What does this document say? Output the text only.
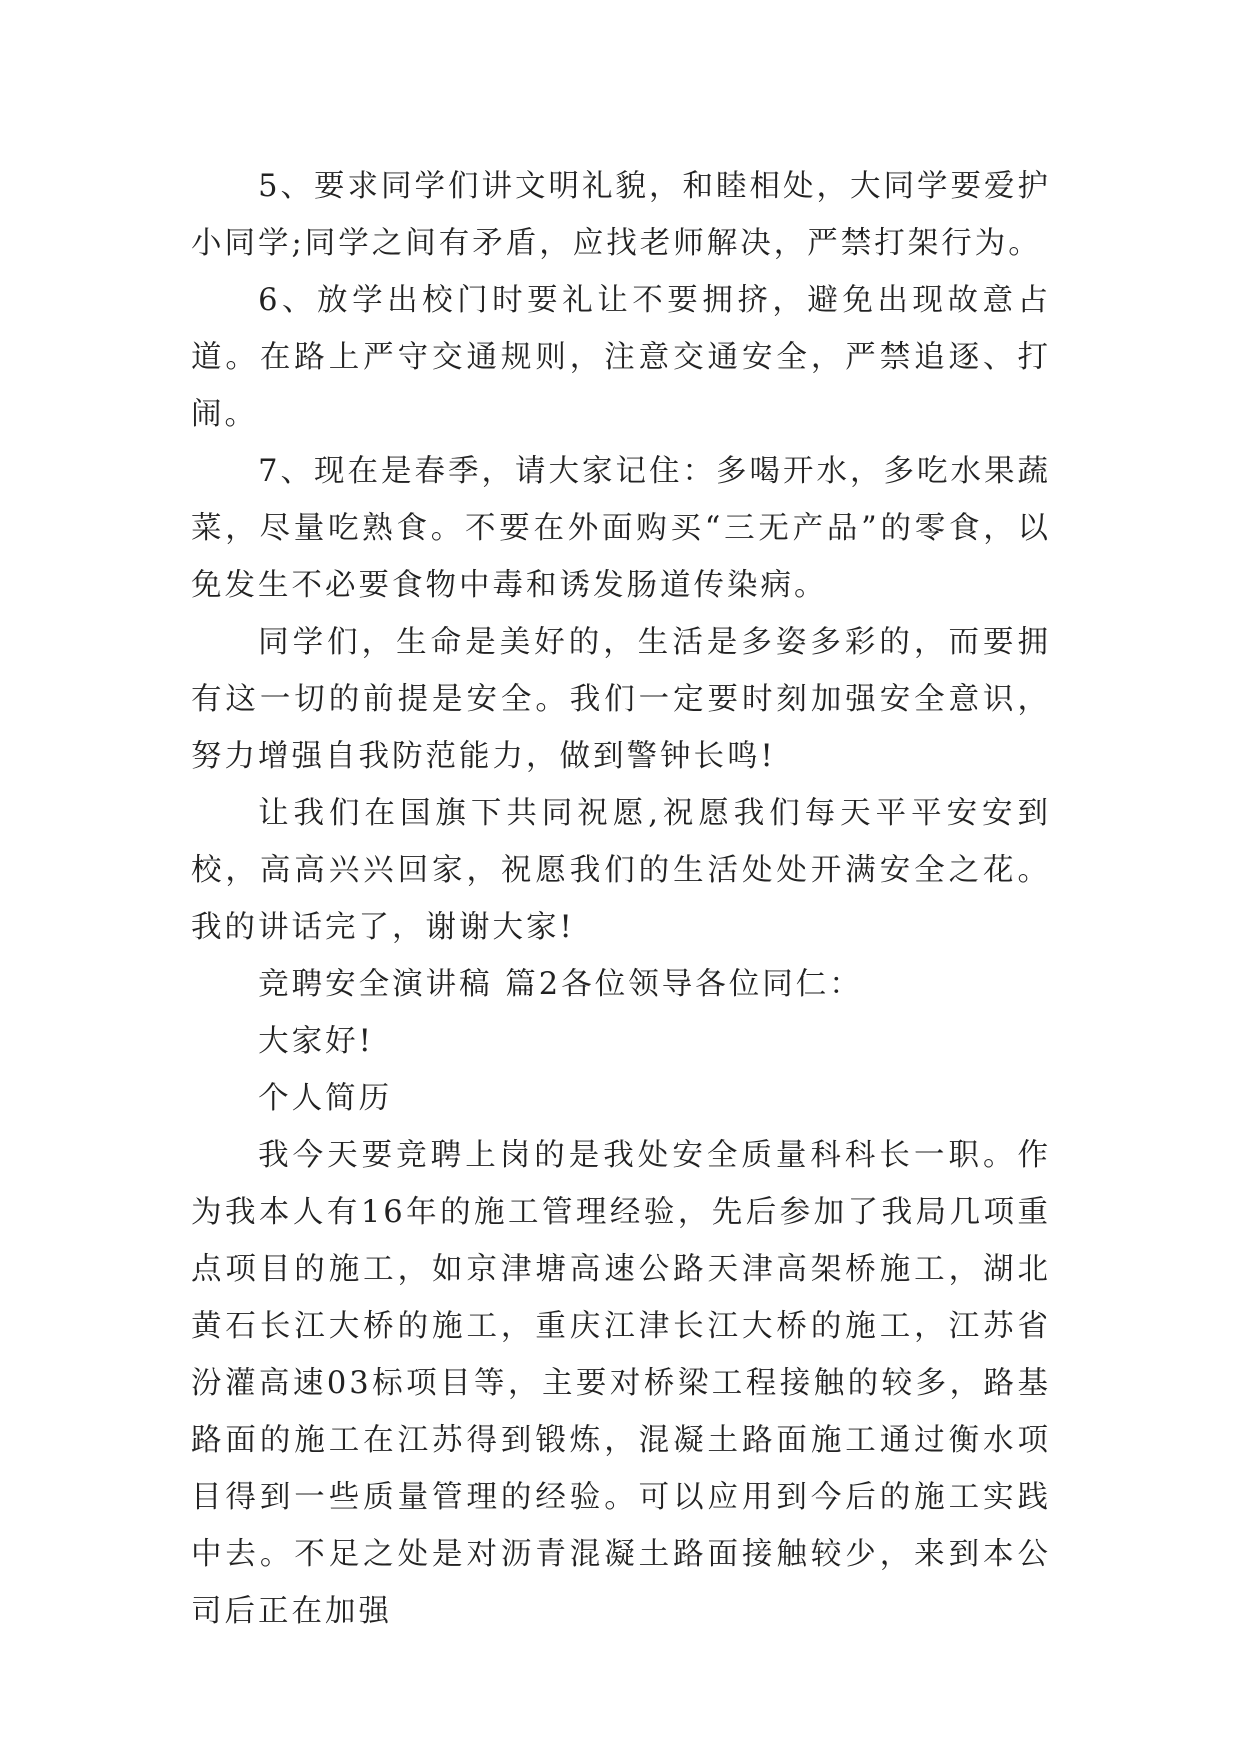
5、要求同学们讲文明礼貌，和睦相处，大同学要爱护小同学;同学之间有矛盾，应找老师解决，严禁打架行为。

6、放学出校门时要礼让不要拥挤，避免出现故意占道。在路上严守交通规则，注意交通安全，严禁追逐、打闹。

7、现在是春季，请大家记住：多喝开水，多吃水果蔬菜，尽量吃熟食。不要在外面购买“三无产品”的零食，以免发生不必要食物中毒和诱发肠道传染病。

同学们，生命是美好的，生活是多姿多彩的，而要拥有这一切的前提是安全。我们一定要时刻加强安全意识，努力增强自我防范能力，做到警钟长鸣!

让我们在国旗下共同祝愿,祝愿我们每天平平安安到校，高高兴兴回家，祝愿我们的生活处处开满安全之花。我的讲话完了，谢谢大家!

竞聘安全演讲稿 篇2各位领导各位同仁：

大家好!

个人简历

我今天要竞聘上岗的是我处安全质量科科长一职。作为我本人有16年的施工管理经验，先后参加了我局几项重点项目的施工，如京津塘高速公路天津高架桥施工，湖北黄石长江大桥的施工，重庆江津长江大桥的施工，江苏省汾灌高速03标项目等，主要对桥梁工程接触的较多，路基路面的施工在江苏得到锻炼，混凝土路面施工通过衡水项目得到一些质量管理的经验。可以应用到今后的施工实践中去。不足之处是对沥青混凝土路面接触较少，来到本公司后正在加强
